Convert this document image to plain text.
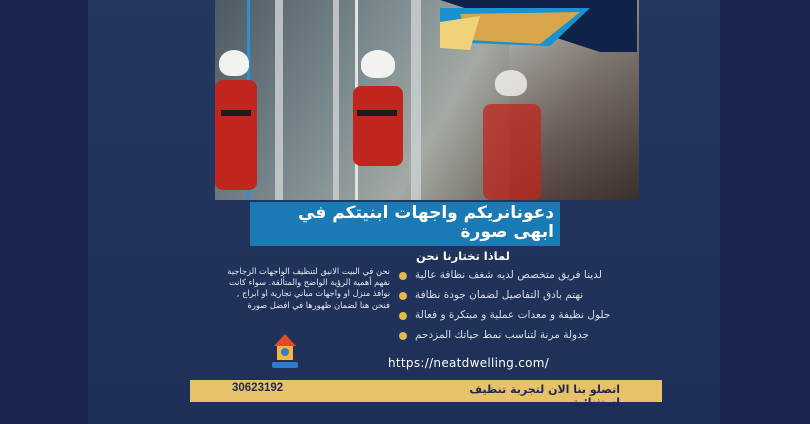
دعونانريكم واجهات ابنيتكم في ابهى صورة
لماذا تختارنا نحن
لدينا فريق متخصص لديه شغف نظافة عالية
نهتم بادق التفاصيل لضمان جودة نظافة
حلول نظيفة و معدات عملية و مبتكرة و فعالة
جدولة مرنة لتناسب نمط حياتك المزدحم
نحن في البيت الانيق لتنظيف الواجهات الزجاجية نفهم أهمية الرؤية الواضح والمتألقة. سواء كانت نوافذ منزل او واجهات مباني تجارية او ابراج , فنحن هنا لضمان ظهورها في افضل صورة
https://neatdwelling.com/
30623192	اتصلو بنا الان لتجربة تنظيف استثنائية.
